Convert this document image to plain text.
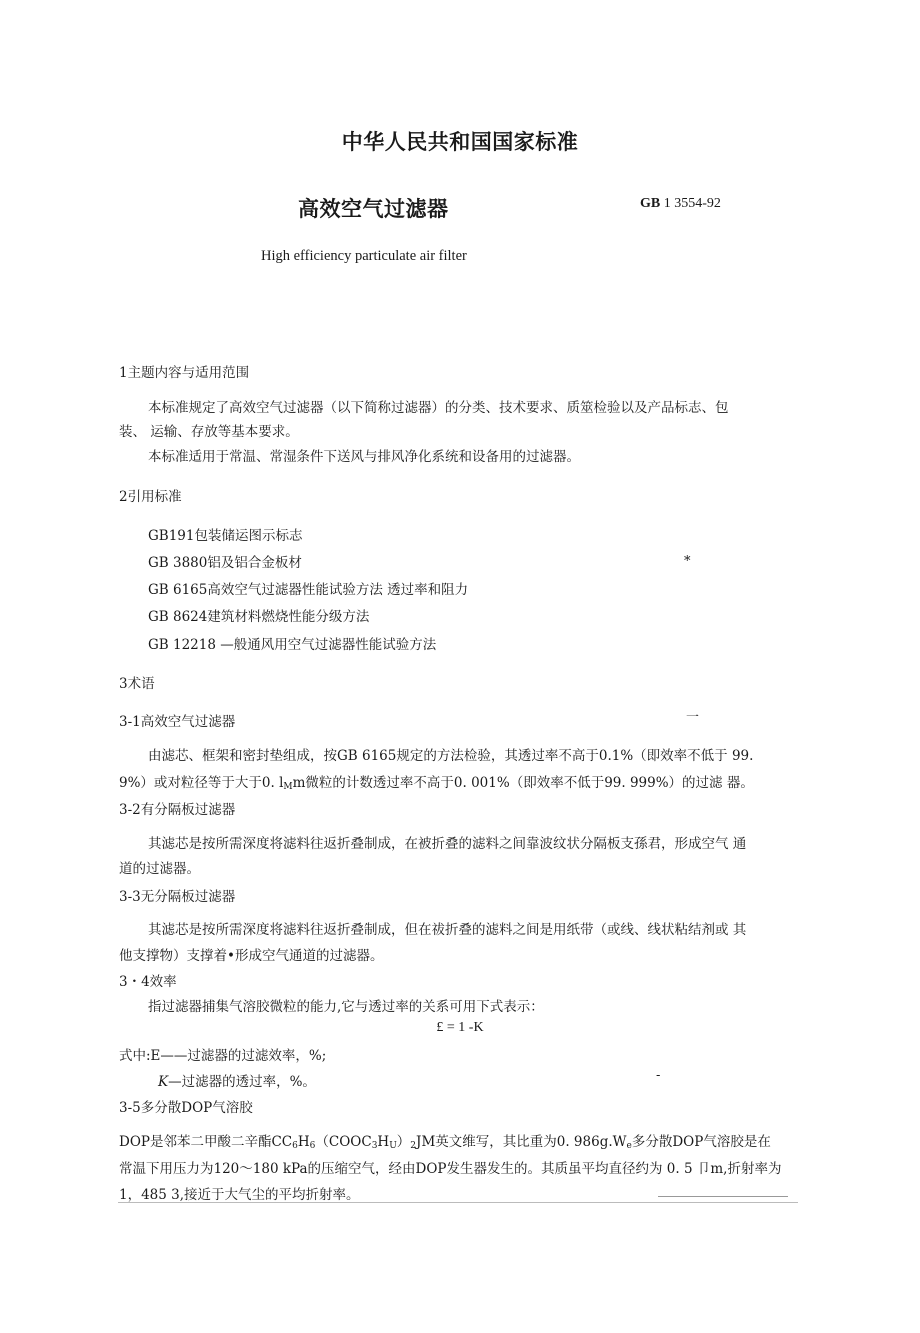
中华人民共和国国家标准
高效空气过滤器	GB 1 3554-92
High efficiency particulate air filter
1主题内容与适用范围
本标准规定了高效空气过滤器（以下简称过滤器）的分类、技术要求、质筮检验以及产品标志、包
装、 运输、存放等基本要求。
本标准适用于常温、常湿条件下送风与排风净化系统和设备用的过滤器。
2引用标准
GB191包装储运图示标志
GB 3880铝及铝合金板材	*
GB 6165高效空气过滤器性能试验方法 透过率和阻力
GB 8624建筑材料燃烧性能分级方法
GB 12218 —般通风用空气过滤器性能试验方法
3术语
3-1高效空气过滤器	一
由滤芯、框架和密封垫组成，按GB 6165规定的方法检验，其透过率不高于0.1%（即效率不低于 99.
9%）或对粒径等于大于0. $l_Mm$微粒的计数透过率不高于0. 001%（即效率不低于99. 999%）的过滤 器。
3-2有分隔板过滤器
其滤芯是按所需深度将滤料往返折叠制成，在被折叠的滤料之间靠波纹状分隔板支孫君，形成空气 通
道的过滤器。
3-3无分隔板过滤器
其滤芯是按所需深度将滤料往返折叠制成，但在祓折叠的滤料之间是用纸带（或线、线状粘结剂或 其
他支撑物）支撑着•形成空气通道的过滤器。
3・4效率
指过滤器捕集气溶胶微粒的能力,它与透过率的关系可用下式表示：
£ = 1 -K
式中:E——过滤器的过滤效率，%;
K—过滤器的透过率，%。	-
3-5多分散DOP气溶胶
DOP是邻苯二甲酸二辛酯$CC_6H_6(COOC_3H_U)_2JM$英文维写，其比重为0. $986g.W_e$多分散DOP气溶胶是在
常温下用压力为120～180 kPa的压缩空气，经由DOP发生器发生的。其质虽平均直径约为 0. 5 卩m,折射率为
1，485 3,接近于大气尘的平均折射率。
